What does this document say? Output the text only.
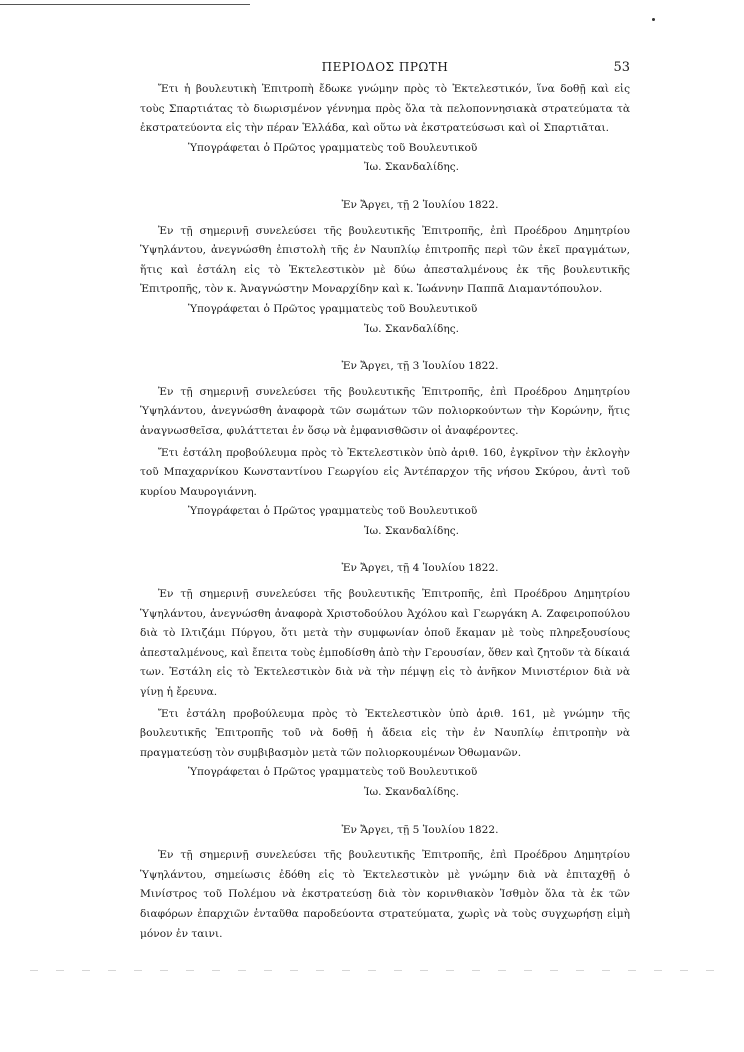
ΠΕΡΙΟΔΟΣ ΠΡΩΤΗ	53

Ἔτι ἡ βουλευτικὴ Ἐπιτροπὴ ἔδωκε γνώμην πρὸς τὸ Ἐκτελεστικόν, ἵνα δοθῇ καὶ εἰς τοὺς Σπαρτιάτας τὸ διωρισμένον γέννημα πρὸς ὅλα τὰ πελοποννησιακὰ στρατεύματα τὰ ἐκστρατεύοντα εἰς τὴν πέραν Ἑλλάδα, καὶ οὕτω νὰ ἐκστρατεύσωσι καὶ οἱ Σπαρτιᾶται.

Ὑπογράφεται ὁ Πρῶτος γραμματεὺς τοῦ Βουλευτικοῦ

Ἰω. Σκανδαλίδης.

Ἐν Ἄργει, τῇ 2 Ἰουλίου 1822.

Ἐν τῇ σημερινῇ συνελεύσει τῆς βουλευτικῆς Ἐπιτροπῆς, ἐπὶ Προέδρου Δημητρίου Ὑψηλάντου, ἀνεγνώσθη ἐπιστολὴ τῆς ἐν Ναυπλίῳ ἐπιτροπῆς περὶ τῶν ἐκεῖ πραγμάτων, ἥτις καὶ ἐστάλη εἰς τὸ Ἐκτελεστικὸν μὲ δύω ἀπεσταλμένους ἐκ τῆς βουλευτικῆς Ἐπιτροπῆς, τὸν κ. Ἀναγνώστην Μοναρχίδην καὶ κ. Ἰωάννην Παππᾶ Διαμαντόπουλον.

Ὑπογράφεται ὁ Πρῶτος γραμματεὺς τοῦ Βουλευτικοῦ

Ἰω. Σκανδαλίδης.

Ἐν Ἄργει, τῇ 3 Ἰουλίου 1822.

Ἐν τῇ σημερινῇ συνελεύσει τῆς βουλευτικῆς Ἐπιτροπῆς, ἐπὶ Προέδρου Δημητρίου Ὑψηλάντου, ἀνεγνώσθη ἀναφορὰ τῶν σωμάτων τῶν πολιορκούντων τὴν Κορώνην, ἥτις ἀναγνωσθεῖσα, φυλάττεται ἐν ὅσῳ νὰ ἐμφανισθῶσιν οἱ ἀναφέροντες.

Ἔτι ἐστάλη προβούλευμα πρὸς τὸ Ἐκτελεστικὸν ὑπὸ ἀριθ. 160, ἐγκρῖνον τὴν ἐκλογὴν τοῦ Μπαχαρνίκου Κωνσταντίνου Γεωργίου εἰς Ἀντέπαρχον τῆς νήσου Σκύρου, ἀντὶ τοῦ κυρίου Μαυρογιάννη.

Ὑπογράφεται ὁ Πρῶτος γραμματεὺς τοῦ Βουλευτικοῦ

Ἰω. Σκανδαλίδης.

Ἐν Ἄργει, τῇ 4 Ἰουλίου 1822.

Ἐν τῇ σημερινῇ συνελεύσει τῆς βουλευτικῆς Ἐπιτροπῆς, ἐπὶ Προέδρου Δημητρίου Ὑψηλάντου, ἀνεγνώσθη ἀναφορὰ Χριστοδούλου Ἀχόλου καὶ Γεωργάκη Α. Ζαφειροπούλου διὰ τὸ Ιλτιζάμι Πύργου, ὅτι μετὰ τὴν συμφωνίαν ὁποῦ ἔκαμαν μὲ τοὺς πληρεξουσίους ἀπεσταλμένους, καὶ ἔπειτα τοὺς ἐμποδίσθη ἀπὸ τὴν Γερουσίαν, ὅθεν καὶ ζητοῦν τὰ δίκαιά των. Ἐστάλη εἰς τὸ Ἐκτελεστικὸν διὰ νὰ τὴν πέμψῃ εἰς τὸ ἀνῆκον Μινιστέριον διὰ νὰ γίνῃ ἡ ἔρευνα.

Ἔτι ἐστάλη προβούλευμα πρὸς τὸ Ἐκτελεστικὸν ὑπὸ ἀριθ. 161, μὲ γνώμην τῆς βουλευτικῆς Ἐπιτροπῆς τοῦ νὰ δοθῇ ἡ ἄδεια εἰς τὴν ἐν Ναυπλίῳ ἐπιτροπὴν νὰ πραγματεύσῃ τὸν συμβιβασμὸν μετὰ τῶν πολιορκουμένων Ὀθωμανῶν.

Ὑπογράφεται ὁ Πρῶτος γραμματεὺς τοῦ Βουλευτικοῦ

Ἰω. Σκανδαλίδης.

Ἐν Ἄργει, τῇ 5 Ἰουλίου 1822.

Ἐν τῇ σημερινῇ συνελεύσει τῆς βουλευτικῆς Ἐπιτροπῆς, ἐπὶ Προέδρου Δημητρίου Ὑψηλάντου, σημείωσις ἐδόθη εἰς τὸ Ἐκτελεστικὸν μὲ γνώμην διὰ νὰ ἐπιταχθῇ ὁ Μινίστρος τοῦ Πολέμου νὰ ἐκστρατεύσῃ διὰ τὸν κορινθιακὸν Ἰσθμὸν ὅλα τὰ ἐκ τῶν διαφόρων ἐπαρχιῶν ἐνταῦθα παροδεύοντα στρατεύματα, χωρὶς νὰ τοὺς συγχωρήσῃ εἰμὴ μόνον ἐν ταινι.
